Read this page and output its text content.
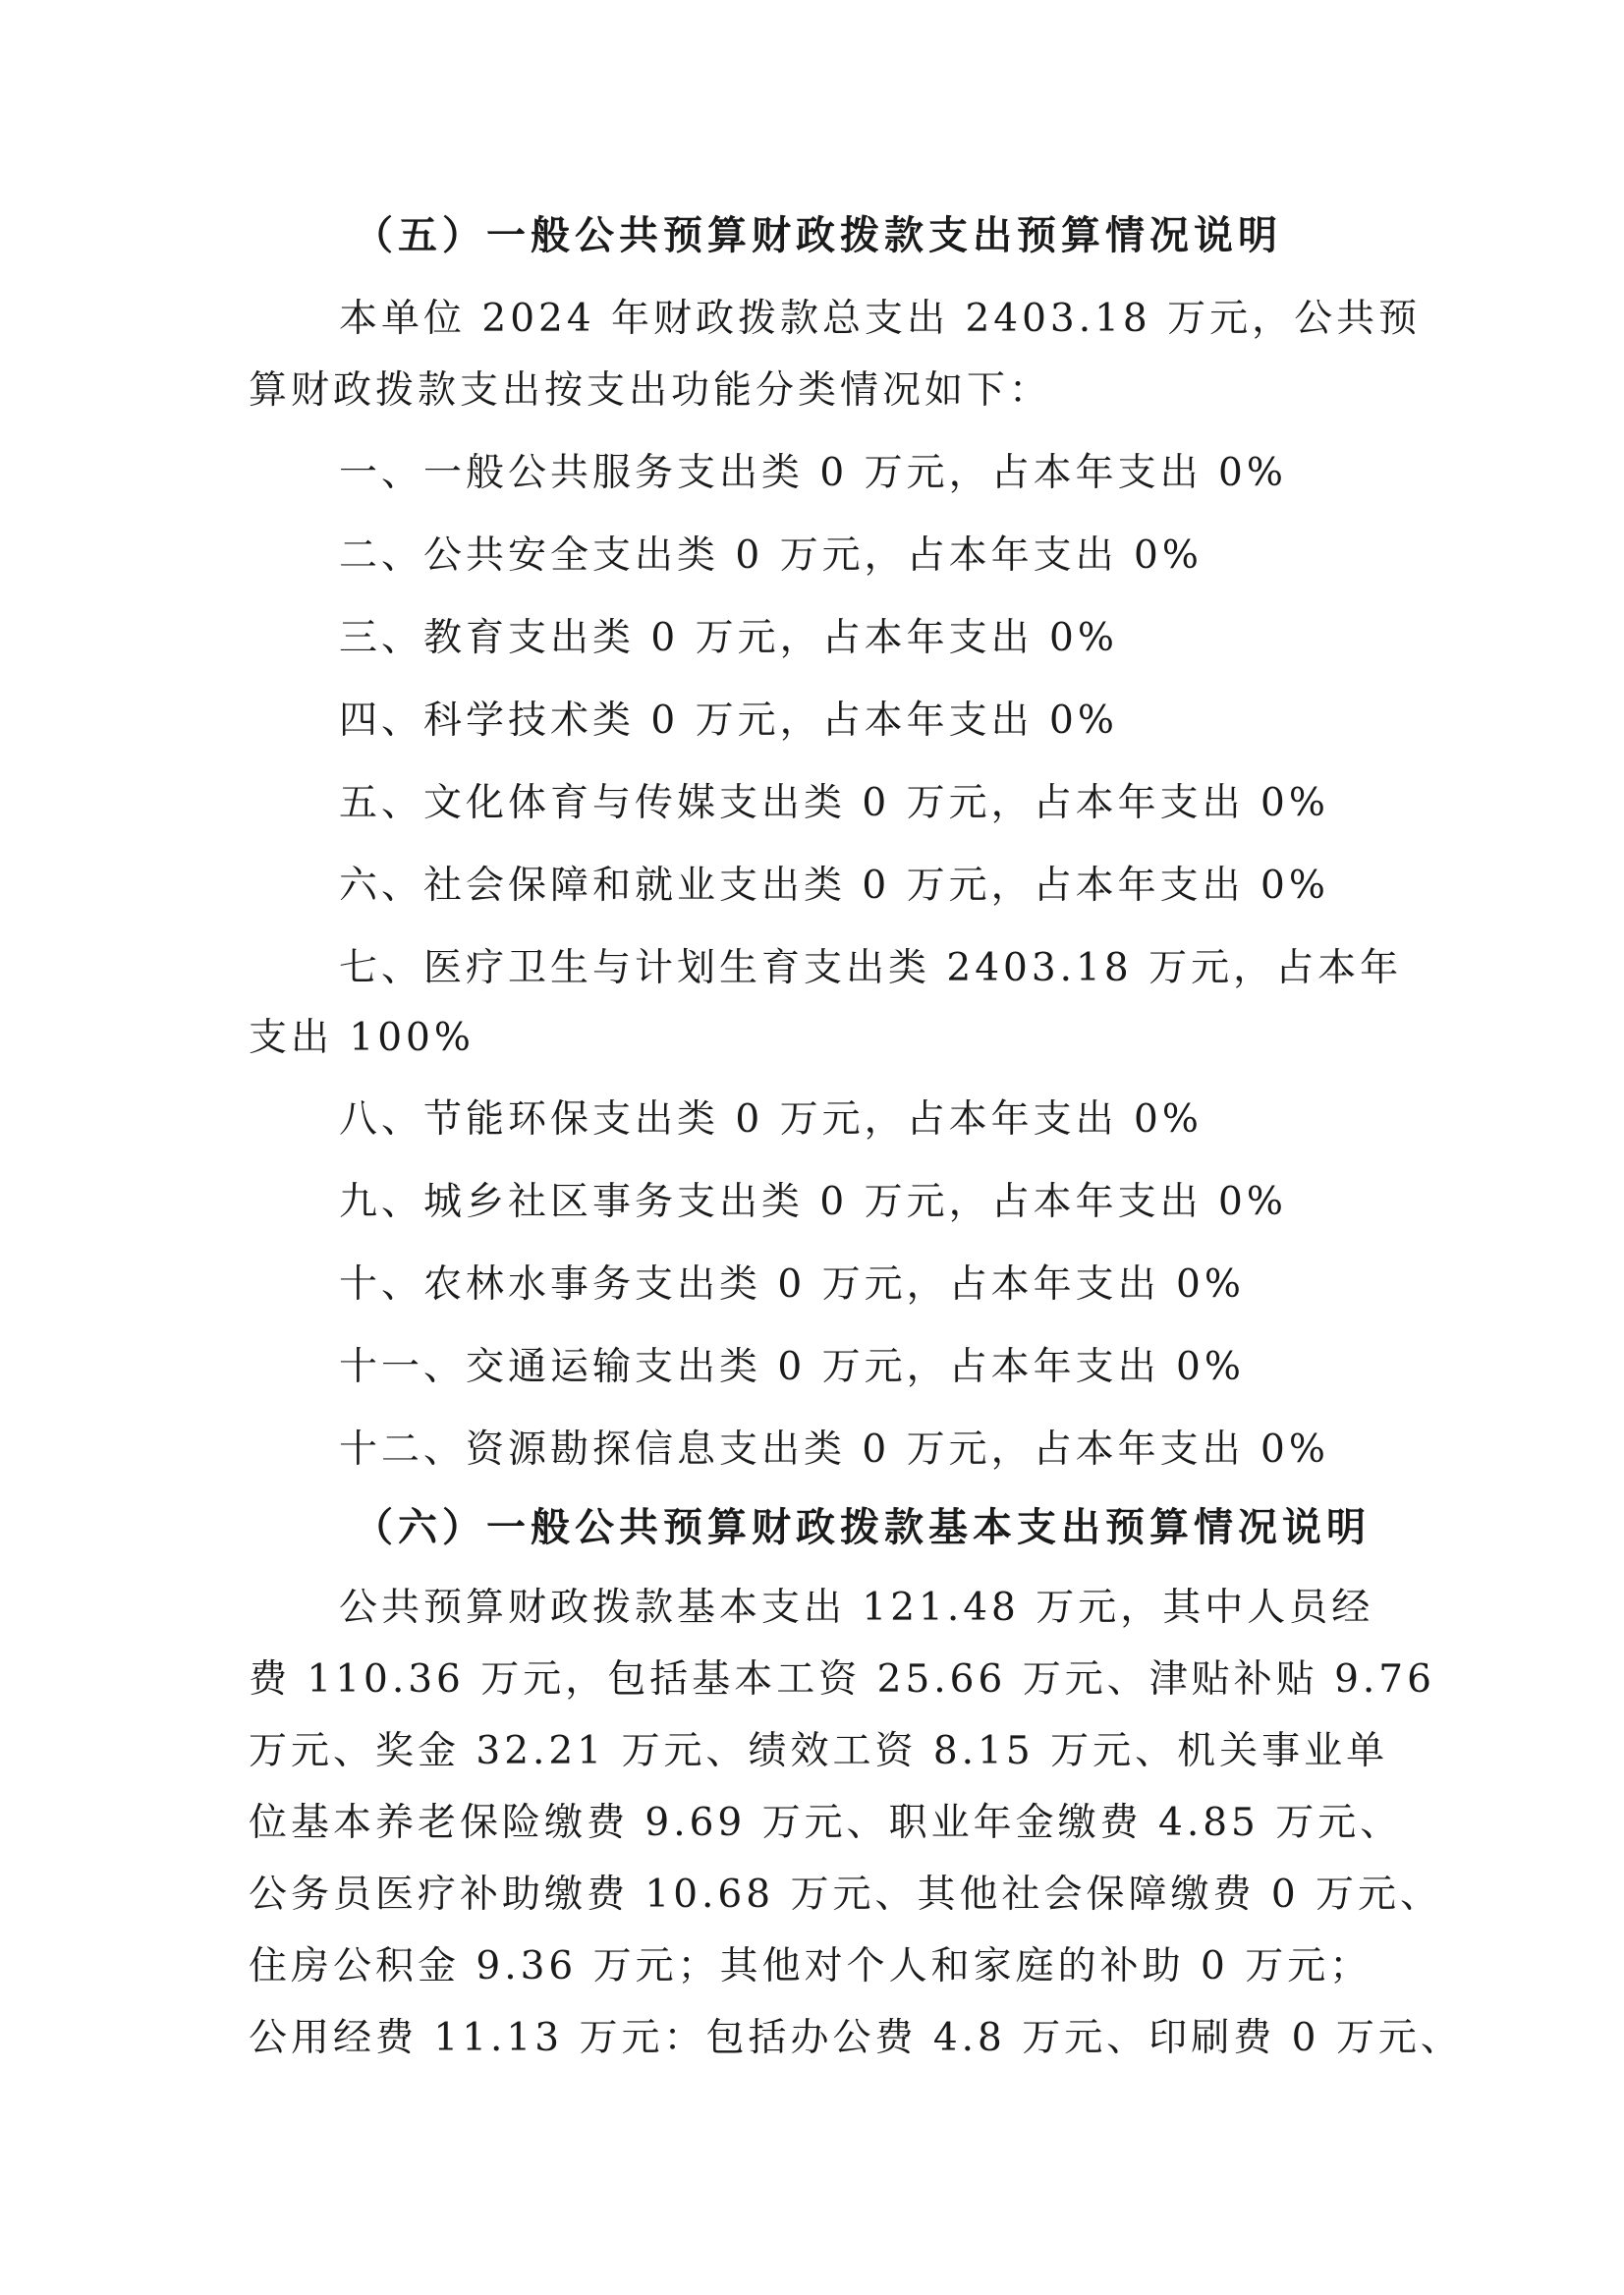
（五）一般公共预算财政拨款支出预算情况说明
本单位 2024 年财政拨款总支出 2403.18 万元，公共预
算财政拨款支出按支出功能分类情况如下：
一、一般公共服务支出类 0 万元，占本年支出 0%
二、公共安全支出类 0 万元，占本年支出 0%
三、教育支出类 0 万元，占本年支出 0%
四、科学技术类 0 万元，占本年支出 0%
五、文化体育与传媒支出类 0 万元，占本年支出 0%
六、社会保障和就业支出类 0 万元，占本年支出 0%
七、医疗卫生与计划生育支出类 2403.18 万元，占本年
支出 100%
八、节能环保支出类 0 万元，占本年支出 0%
九、城乡社区事务支出类 0 万元，占本年支出 0%
十、农林水事务支出类 0 万元，占本年支出 0%
十一、交通运输支出类 0 万元，占本年支出 0%
十二、资源勘探信息支出类 0 万元，占本年支出 0%
（六）一般公共预算财政拨款基本支出预算情况说明
公共预算财政拨款基本支出 121.48 万元，其中人员经
费 110.36 万元，包括基本工资 25.66 万元、津贴补贴 9.76
万元、奖金 32.21 万元、绩效工资 8.15 万元、机关事业单
位基本养老保险缴费 9.69 万元、职业年金缴费 4.85 万元、
公务员医疗补助缴费 10.68 万元、其他社会保障缴费 0 万元、
住房公积金 9.36 万元；其他对个人和家庭的补助 0 万元；
公用经费 11.13 万元：包括办公费 4.8 万元、印刷费 0 万元、
